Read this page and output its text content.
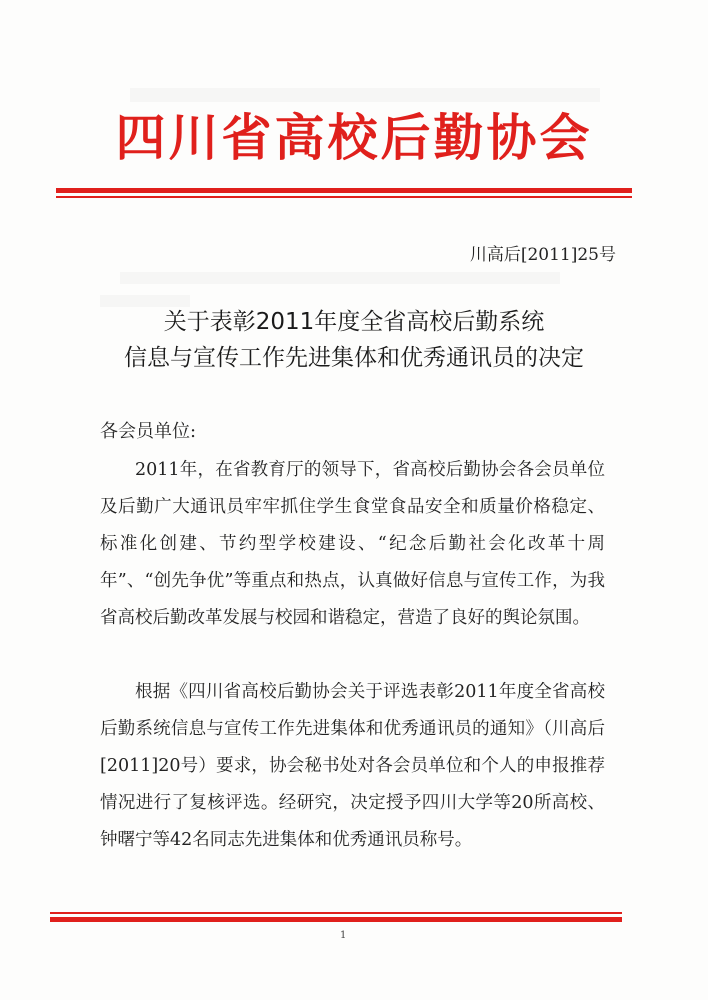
四川省高校后勤协会
川高后[2011]25号
关于表彰2011年度全省高校后勤系统
信息与宣传工作先进集体和优秀通讯员的决定
各会员单位:

2011年，在省教育厅的领导下，省高校后勤协会各会员单位及后勤广大通讯员牢牢抓住学生食堂食品安全和质量价格稳定、标准化创建、节约型学校建设、“纪念后勤社会化改革十周年”、“创先争优”等重点和热点，认真做好信息与宣传工作，为我省高校后勤改革发展与校园和谐稳定，营造了良好的舆论氛围。

根据《四川省高校后勤协会关于评选表彰2011年度全省高校后勤系统信息与宣传工作先进集体和优秀通讯员的通知》（川高后[2011]20号）要求，协会秘书处对各会员单位和个人的申报推荐情况进行了复核评选。经研究，决定授予四川大学等20所高校、钟曙宁等42名同志先进集体和优秀通讯员称号。

1
